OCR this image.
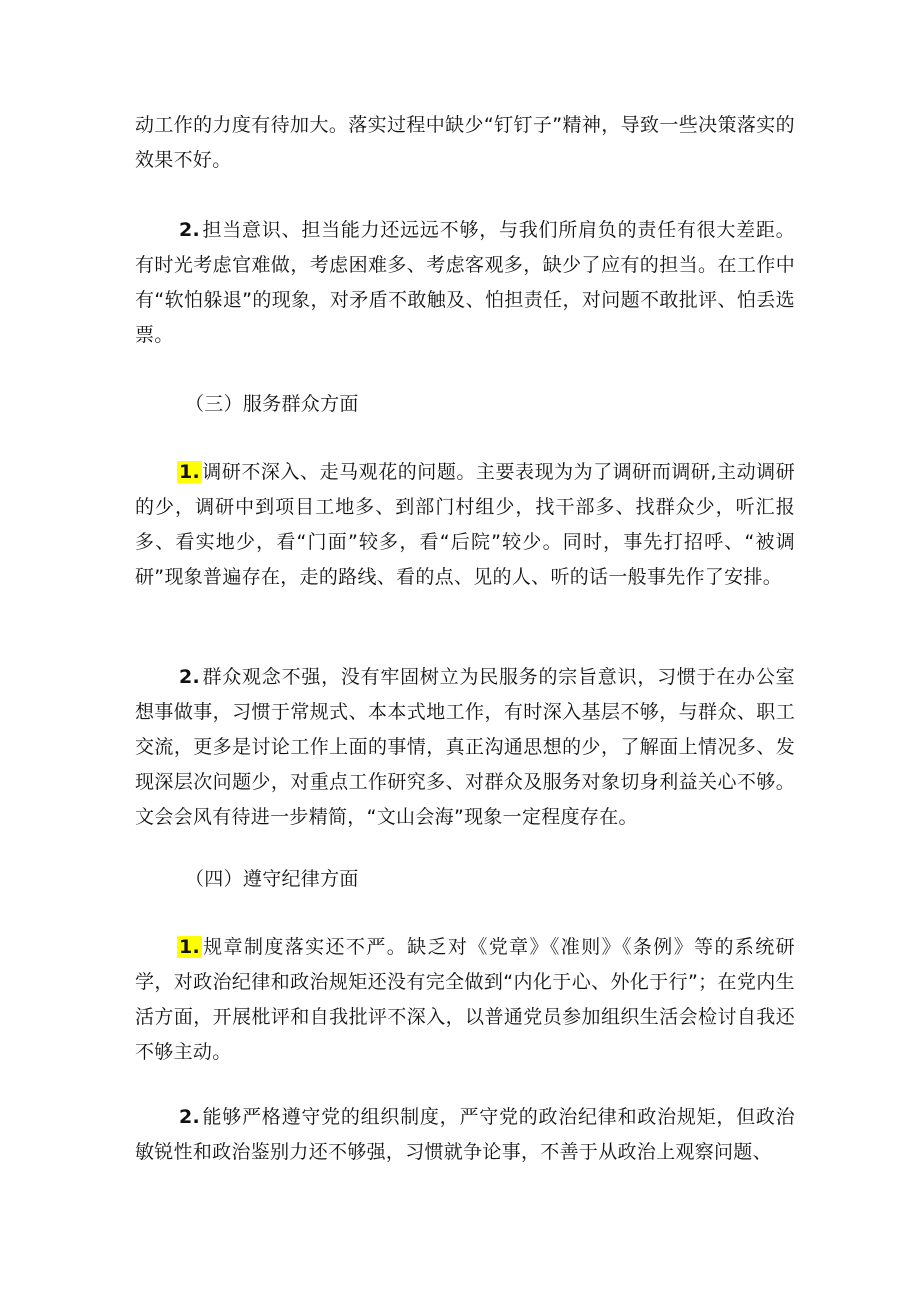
动工作的力度有待加大。落实过程中缺少“钉钉子”精神，导致一些决策落实的效果不好。

2. 担当意识、担当能力还远远不够，与我们所肩负的责任有很大差距。有时光考虑官难做，考虑困难多、考虑客观多，缺少了应有的担当。在工作中有“软怕躲退”的现象，对矛盾不敢触及、怕担责任，对问题不敢批评、怕丢选票。

（三）服务群众方面

1. 调研不深入、走马观花的问题。主要表现为为了调研而调研,主动调研的少，调研中到项目工地多、到部门村组少，找干部多、找群众少，听汇报多、看实地少，看“门面”较多，看“后院”较少。同时，事先打招呼、“被调研”现象普遍存在，走的路线、看的点、见的人、听的话一般事先作了安排。

2. 群众观念不强，没有牢固树立为民服务的宗旨意识，习惯于在办公室想事做事，习惯于常规式、本本式地工作，有时深入基层不够，与群众、职工交流，更多是讨论工作上面的事情，真正沟通思想的少，了解面上情况多、发现深层次问题少，对重点工作研究多、对群众及服务对象切身利益关心不够。文会会风有待进一步精简，“文山会海”现象一定程度存在。

（四）遵守纪律方面

1. 规章制度落实还不严。缺乏对《党章》《准则》《条例》等的系统研学，对政治纪律和政治规矩还没有完全做到“内化于心、外化于行”；在党内生活方面，开展枇评和自我批评不深入，以普通党员参加组织生活会检讨自我还不够主动。

2. 能够严格遵守党的组织制度，严守党的政治纪律和政治规矩，但政治敏锐性和政治鉴别力还不够强，习惯就争论事，不善于从政治上观察问题、
